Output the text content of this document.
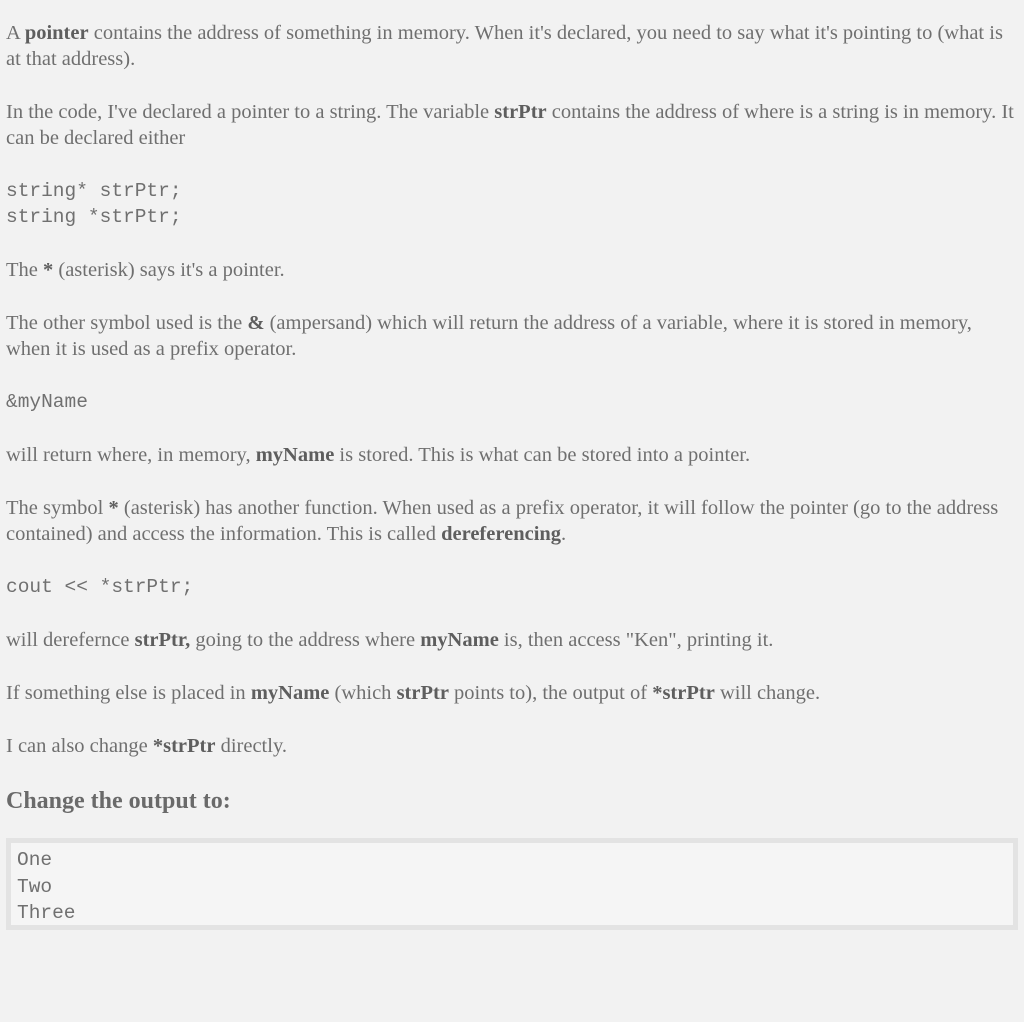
A pointer contains the address of something in memory. When it's declared, you need to say what it's pointing to (what is at that address).

In the code, I've declared a pointer to a string. The variable strPtr contains the address of where is a string is in memory. It can be declared either

string* strPtr;
string *strPtr;

The * (asterisk) says it's a pointer.

The other symbol used is the & (ampersand) which will return the address of a variable, where it is stored in memory, when it is used as a prefix operator.

&myName

will return where, in memory, myName is stored. This is what can be stored into a pointer.

The symbol * (asterisk) has another function. When used as a prefix operator, it will follow the pointer (go to the address contained) and access the information. This is called dereferencing.

cout << *strPtr;

will derefernce strPtr, going to the address where myName is, then access "Ken", printing it.

If something else is placed in myName (which strPtr points to), the output of *strPtr will change.

I can also change *strPtr directly.

Change the output to:
One
Two
Three
